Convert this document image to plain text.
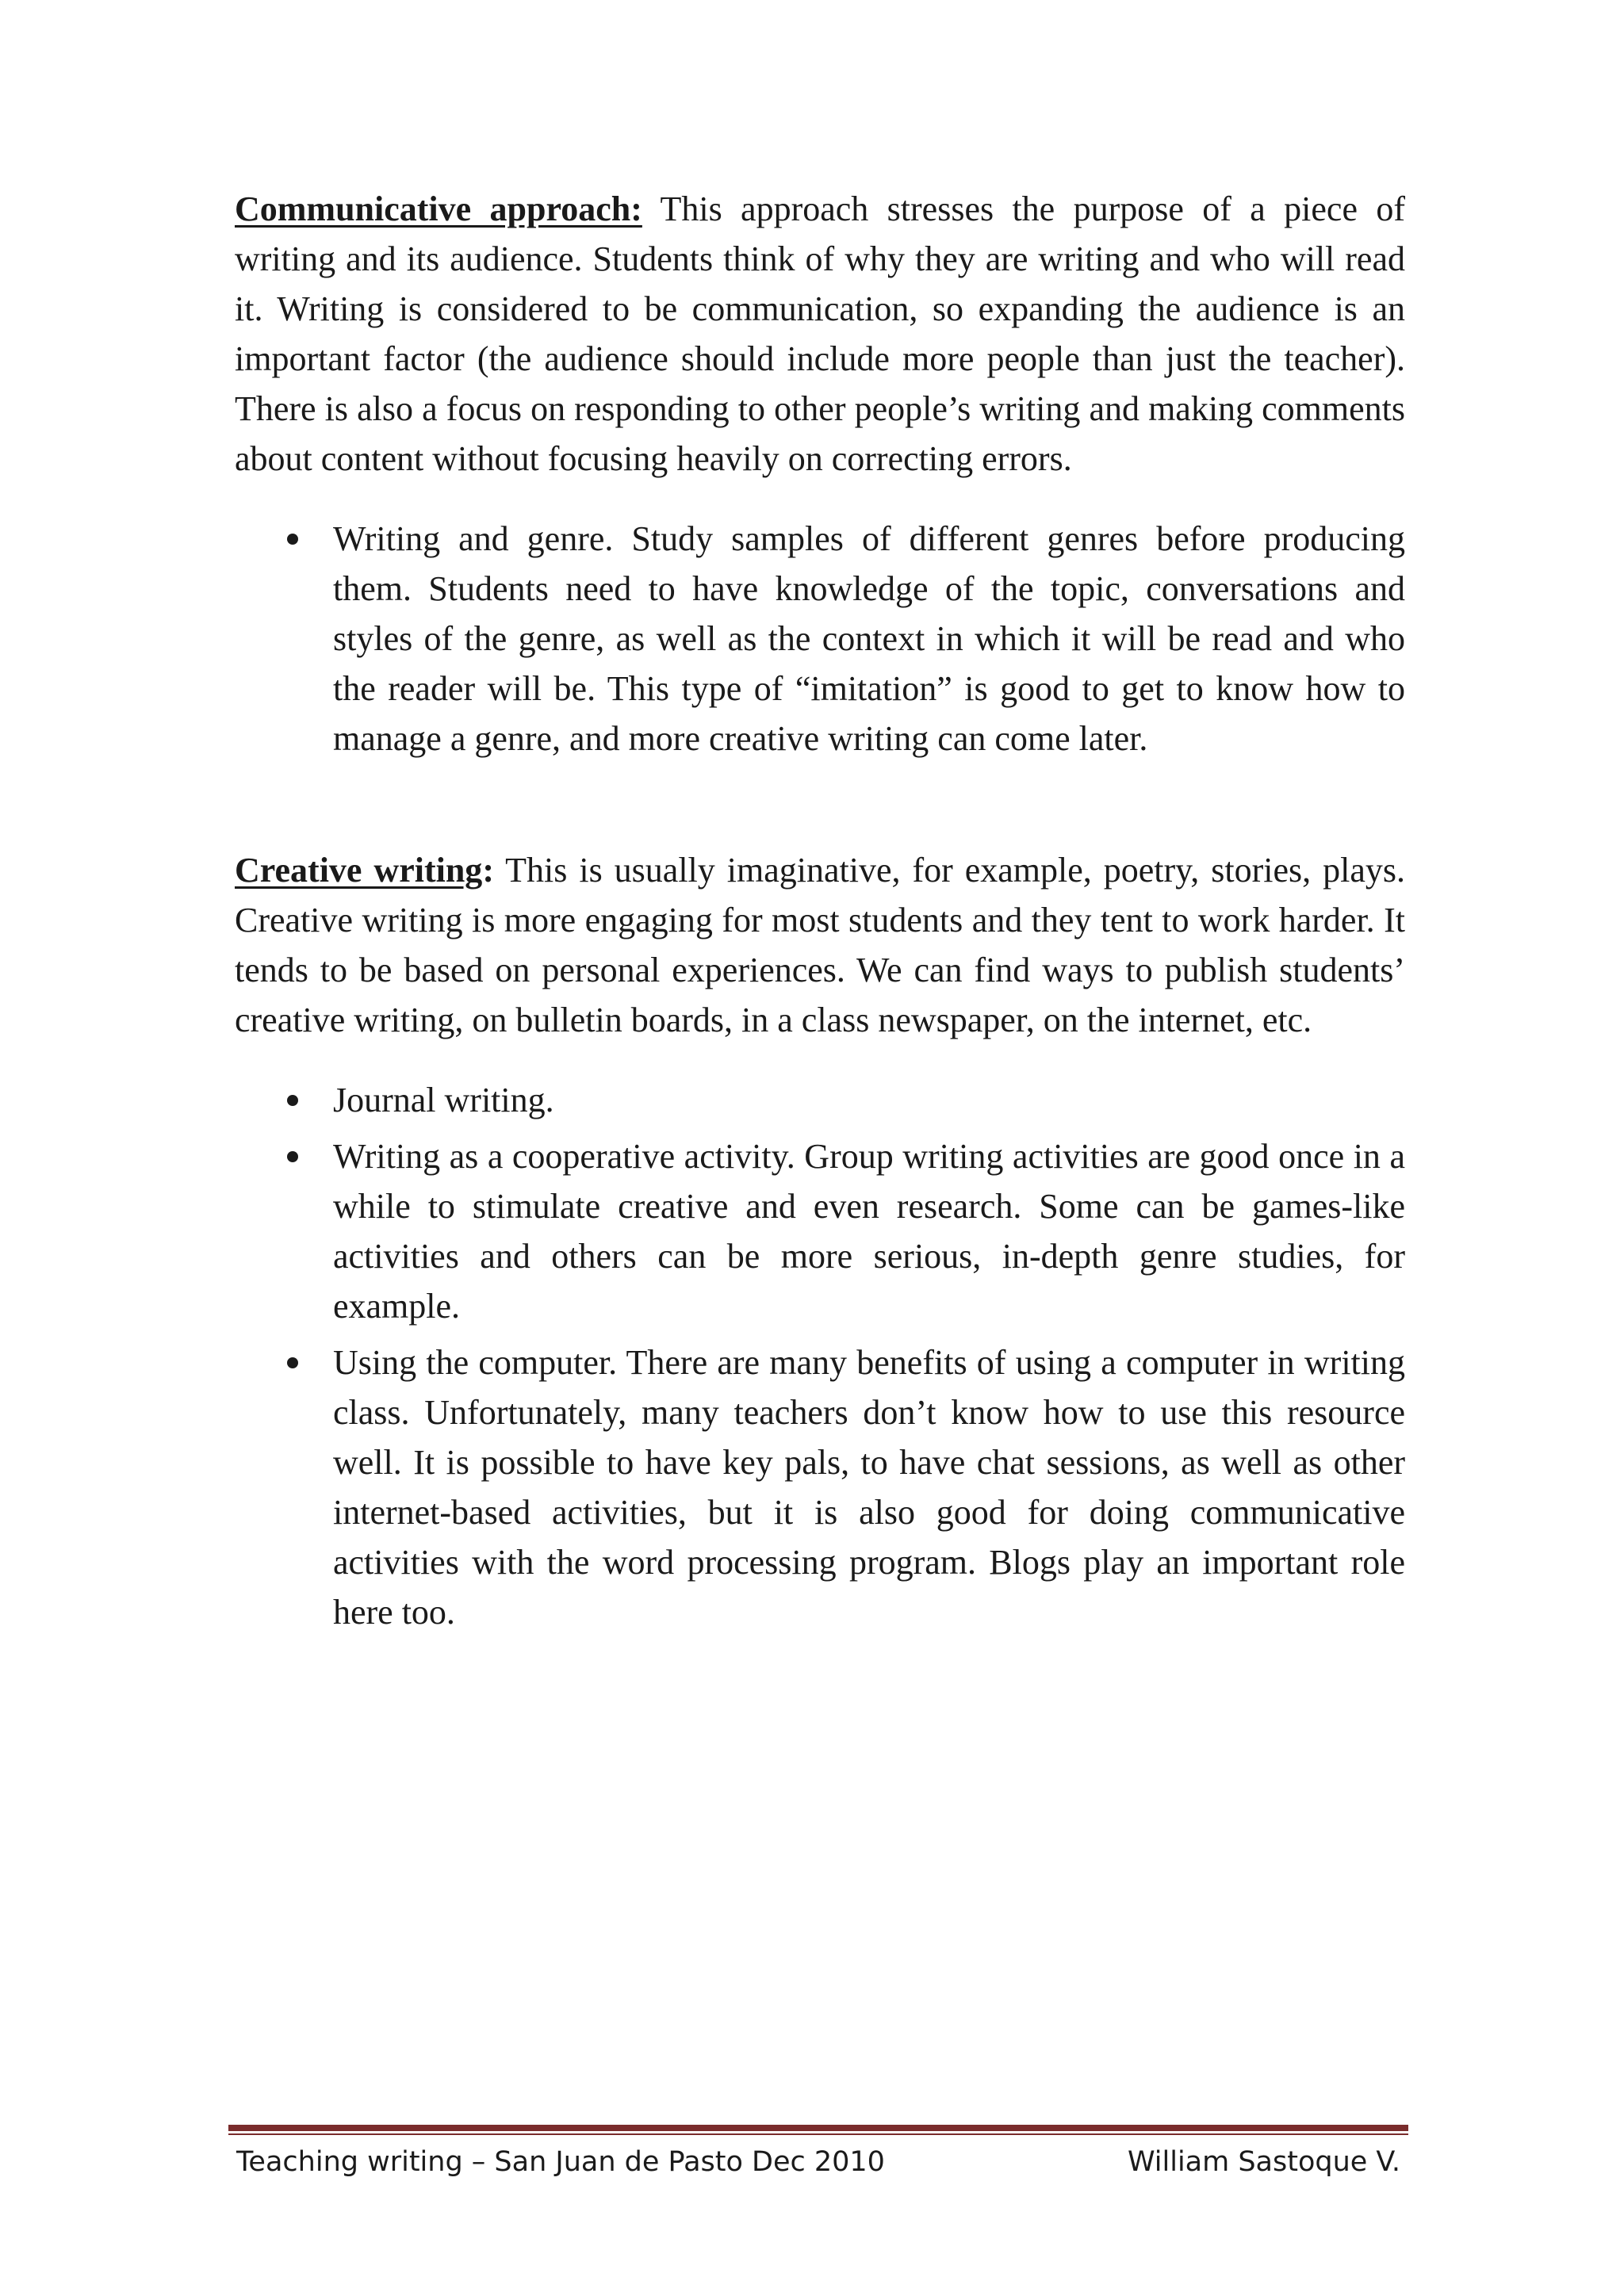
Communicative approach: This approach stresses the purpose of a piece of writing and its audience. Students think of why they are writing and who will read it. Writing is considered to be communication, so expanding the audience is an important factor (the audience should include more people than just the teacher). There is also a focus on responding to other people’s writing and making comments about content without focusing heavily on correcting errors.

Writing and genre. Study samples of different genres before producing them. Students need to have knowledge of the topic, conversations and styles of the genre, as well as the context in which it will be read and who the reader will be. This type of “imitation” is good to get to know how to manage a genre, and more creative writing can come later.

Creative writing: This is usually imaginative, for example, poetry, stories, plays. Creative writing is more engaging for most students and they tent to work harder. It tends to be based on personal experiences. We can find ways to publish students’ creative writing, on bulletin boards, in a class newspaper, on the internet, etc.

Journal writing.
Writing as a cooperative activity. Group writing activities are good once in a while to stimulate creative and even research. Some can be games-like activities and others can be more serious, in-depth genre studies, for example.
Using the computer. There are many benefits of using a computer in writing class. Unfortunately, many teachers don’t know how to use this resource well. It is possible to have key pals, to have chat sessions, as well as other internet-based activities, but it is also good for doing communicative activities with the word processing program. Blogs play an important role here too.
Teaching writing – San Juan de Pasto Dec 2010	William Sastoque V.
